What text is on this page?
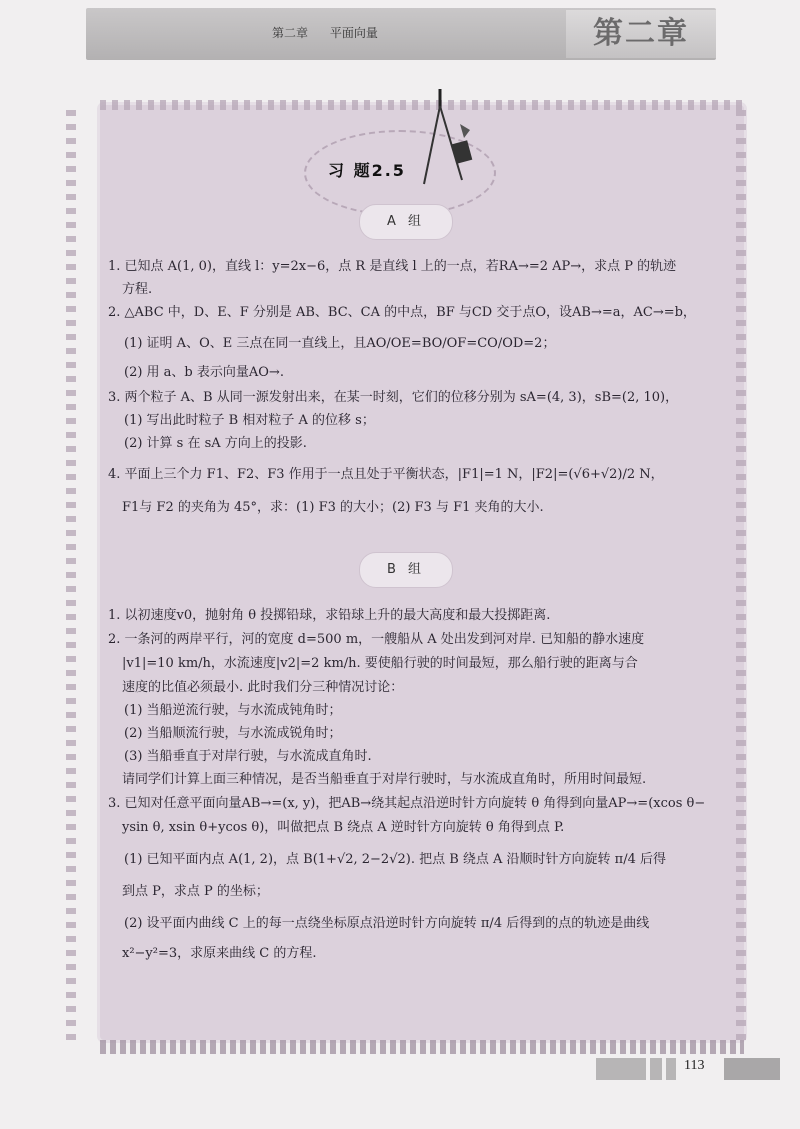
第二章 平面向量	第二章
习 题2.5
A 组
1. 已知点 A(1, 0)，直线 l：y=2x−6，点 R 是直线 l 上的一点，若RA→=2 AP→，求点 P 的轨迹
方程.
2. △ABC 中，D、E、F 分别是 AB、BC、CA 的中点，BF 与CD 交于点O，设AB→=a，AC→=b，
(1) 证明 A、O、E 三点在同一直线上，且AO/OE=BO/OF=CO/OD=2；
(2) 用 a、b 表示向量AO→.
3. 两个粒子 A、B 从同一源发射出来，在某一时刻，它们的位移分别为 sA=(4, 3)，sB=(2, 10)，
(1) 写出此时粒子 B 相对粒子 A 的位移 s；
(2) 计算 s 在 sA 方向上的投影.
4. 平面上三个力 F1、F2、F3 作用于一点且处于平衡状态，|F1|=1 N，|F2|=(√6+√2)/2 N，
F1与 F2 的夹角为 45°，求：(1) F3 的大小；(2) F3 与 F1 夹角的大小.
B 组
1. 以初速度v0，抛射角 θ 投掷铅球，求铅球上升的最大高度和最大投掷距离.
2. 一条河的两岸平行，河的宽度 d=500 m，一艘船从 A 处出发到河对岸. 已知船的静水速度
|v1|=10 km/h，水流速度|v2|=2 km/h. 要使船行驶的时间最短，那么船行驶的距离与合
速度的比值必须最小. 此时我们分三种情况讨论：
(1) 当船逆流行驶，与水流成钝角时；
(2) 当船顺流行驶，与水流成锐角时；
(3) 当船垂直于对岸行驶，与水流成直角时.
请同学们计算上面三种情况，是否当船垂直于对岸行驶时，与水流成直角时，所用时间最短.
3. 已知对任意平面向量AB→=(x, y)，把AB→绕其起点沿逆时针方向旋转 θ 角得到向量AP→=(xcos θ−
ysin θ, xsin θ+ycos θ)，叫做把点 B 绕点 A 逆时针方向旋转 θ 角得到点 P.
(1) 已知平面内点 A(1, 2)，点 B(1+√2, 2−2√2). 把点 B 绕点 A 沿顺时针方向旋转 π/4 后得
到点 P，求点 P 的坐标；
(2) 设平面内曲线 C 上的每一点绕坐标原点沿逆时针方向旋转 π/4 后得到的点的轨迹是曲线
x²−y²=3，求原来曲线 C 的方程.
113
